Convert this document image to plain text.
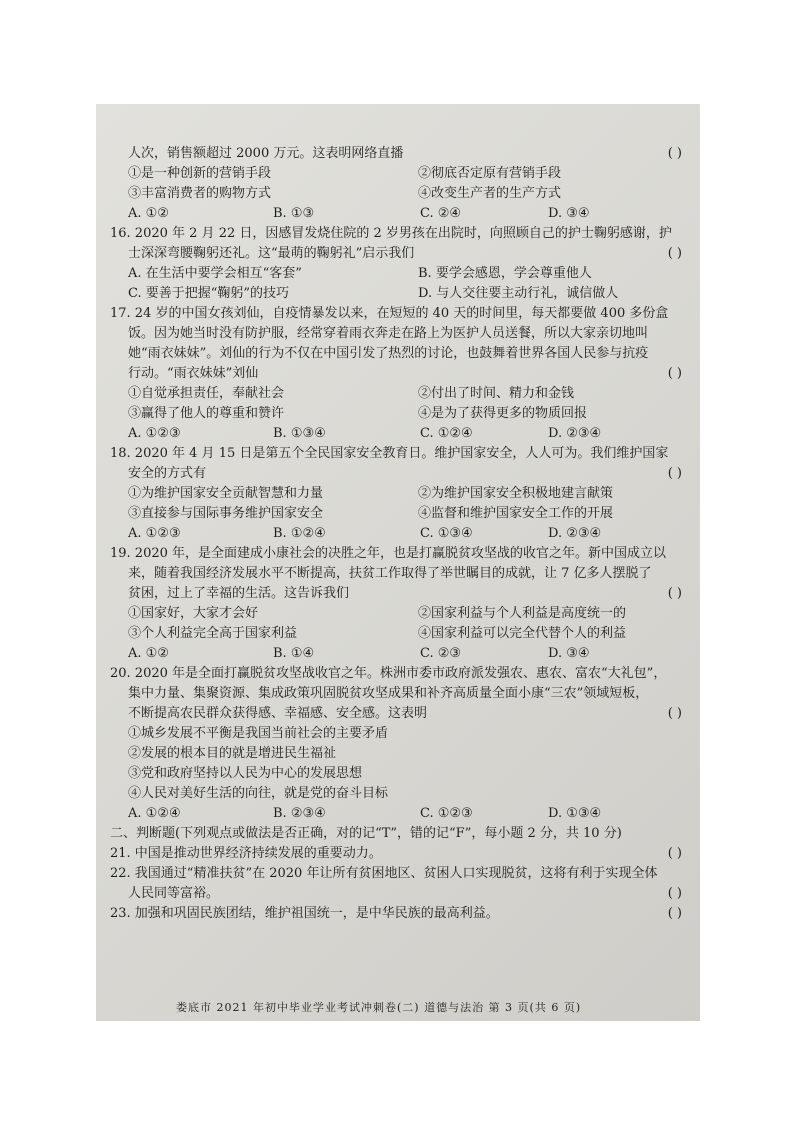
人次，销售额超过 2000 万元。这表明网络直播	( )
①是一种创新的营销手段	②彻底否定原有营销手段
③丰富消费者的购物方式	④改变生产者的生产方式
A. ①②	B. ①③	C. ②④	D. ③④
16. 2020 年 2 月 22 日，因感冒发烧住院的 2 岁男孩在出院时，向照顾自己的护士鞠躬感谢，护
士深深弯腰鞠躬还礼。这“最萌的鞠躬礼”启示我们	( )
A. 在生活中要学会相互“客套”	B. 要学会感恩，学会尊重他人
C. 要善于把握“鞠躬”的技巧	D. 与人交往要主动行礼，诚信做人
17. 24 岁的中国女孩刘仙，自疫情暴发以来，在短短的 40 天的时间里，每天都要做 400 多份盒
饭。因为她当时没有防护服，经常穿着雨衣奔走在路上为医护人员送餐，所以大家亲切地叫
她“雨衣妹妹”。刘仙的行为不仅在中国引发了热烈的讨论，也鼓舞着世界各国人民参与抗疫
行动。“雨衣妹妹”刘仙	( )
①自觉承担责任，奉献社会	②付出了时间、精力和金钱
③赢得了他人的尊重和赞许	④是为了获得更多的物质回报
A. ①②③	B. ①③④	C. ①②④	D. ②③④
18. 2020 年 4 月 15 日是第五个全民国家安全教育日。维护国家安全，人人可为。我们维护国家
安全的方式有	( )
①为维护国家安全贡献智慧和力量	②为维护国家安全积极地建言献策
③直接参与国际事务维护国家安全	④监督和维护国家安全工作的开展
A. ①②③	B. ①②④	C. ①③④	D. ②③④
19. 2020 年，是全面建成小康社会的决胜之年，也是打赢脱贫攻坚战的收官之年。新中国成立以
来，随着我国经济发展水平不断提高，扶贫工作取得了举世瞩目的成就，让 7 亿多人摆脱了
贫困，过上了幸福的生活。这告诉我们	( )
①国家好，大家才会好	②国家利益与个人利益是高度统一的
③个人利益完全高于国家利益	④国家利益可以完全代替个人的利益
A. ①②	B. ①④	C. ②③	D. ③④
20. 2020 年是全面打赢脱贫攻坚战收官之年。株洲市委市政府派发强农、惠农、富农“大礼包”，
集中力量、集聚资源、集成政策巩固脱贫攻坚成果和补齐高质量全面小康“三农”领域短板，
不断提高农民群众获得感、幸福感、安全感。这表明	( )
①城乡发展不平衡是我国当前社会的主要矛盾
②发展的根本目的就是增进民生福祉
③党和政府坚持以人民为中心的发展思想
④人民对美好生活的向往，就是党的奋斗目标
A. ①②④	B. ②③④	C. ①②③	D. ①③④
二、判断题(下列观点或做法是否正确，对的记“T”，错的记“F”，每小题 2 分，共 10 分)
21. 中国是推动世界经济持续发展的重要动力。	( )
22. 我国通过“精准扶贫”在 2020 年让所有贫困地区、贫困人口实现脱贫，这将有利于实现全体
人民同等富裕。	( )
23. 加强和巩固民族团结，维护祖国统一，是中华民族的最高利益。	( )
娄底市 2021 年初中毕业学业考试冲刺卷(二) 道德与法治 第 3 页(共 6 页)
